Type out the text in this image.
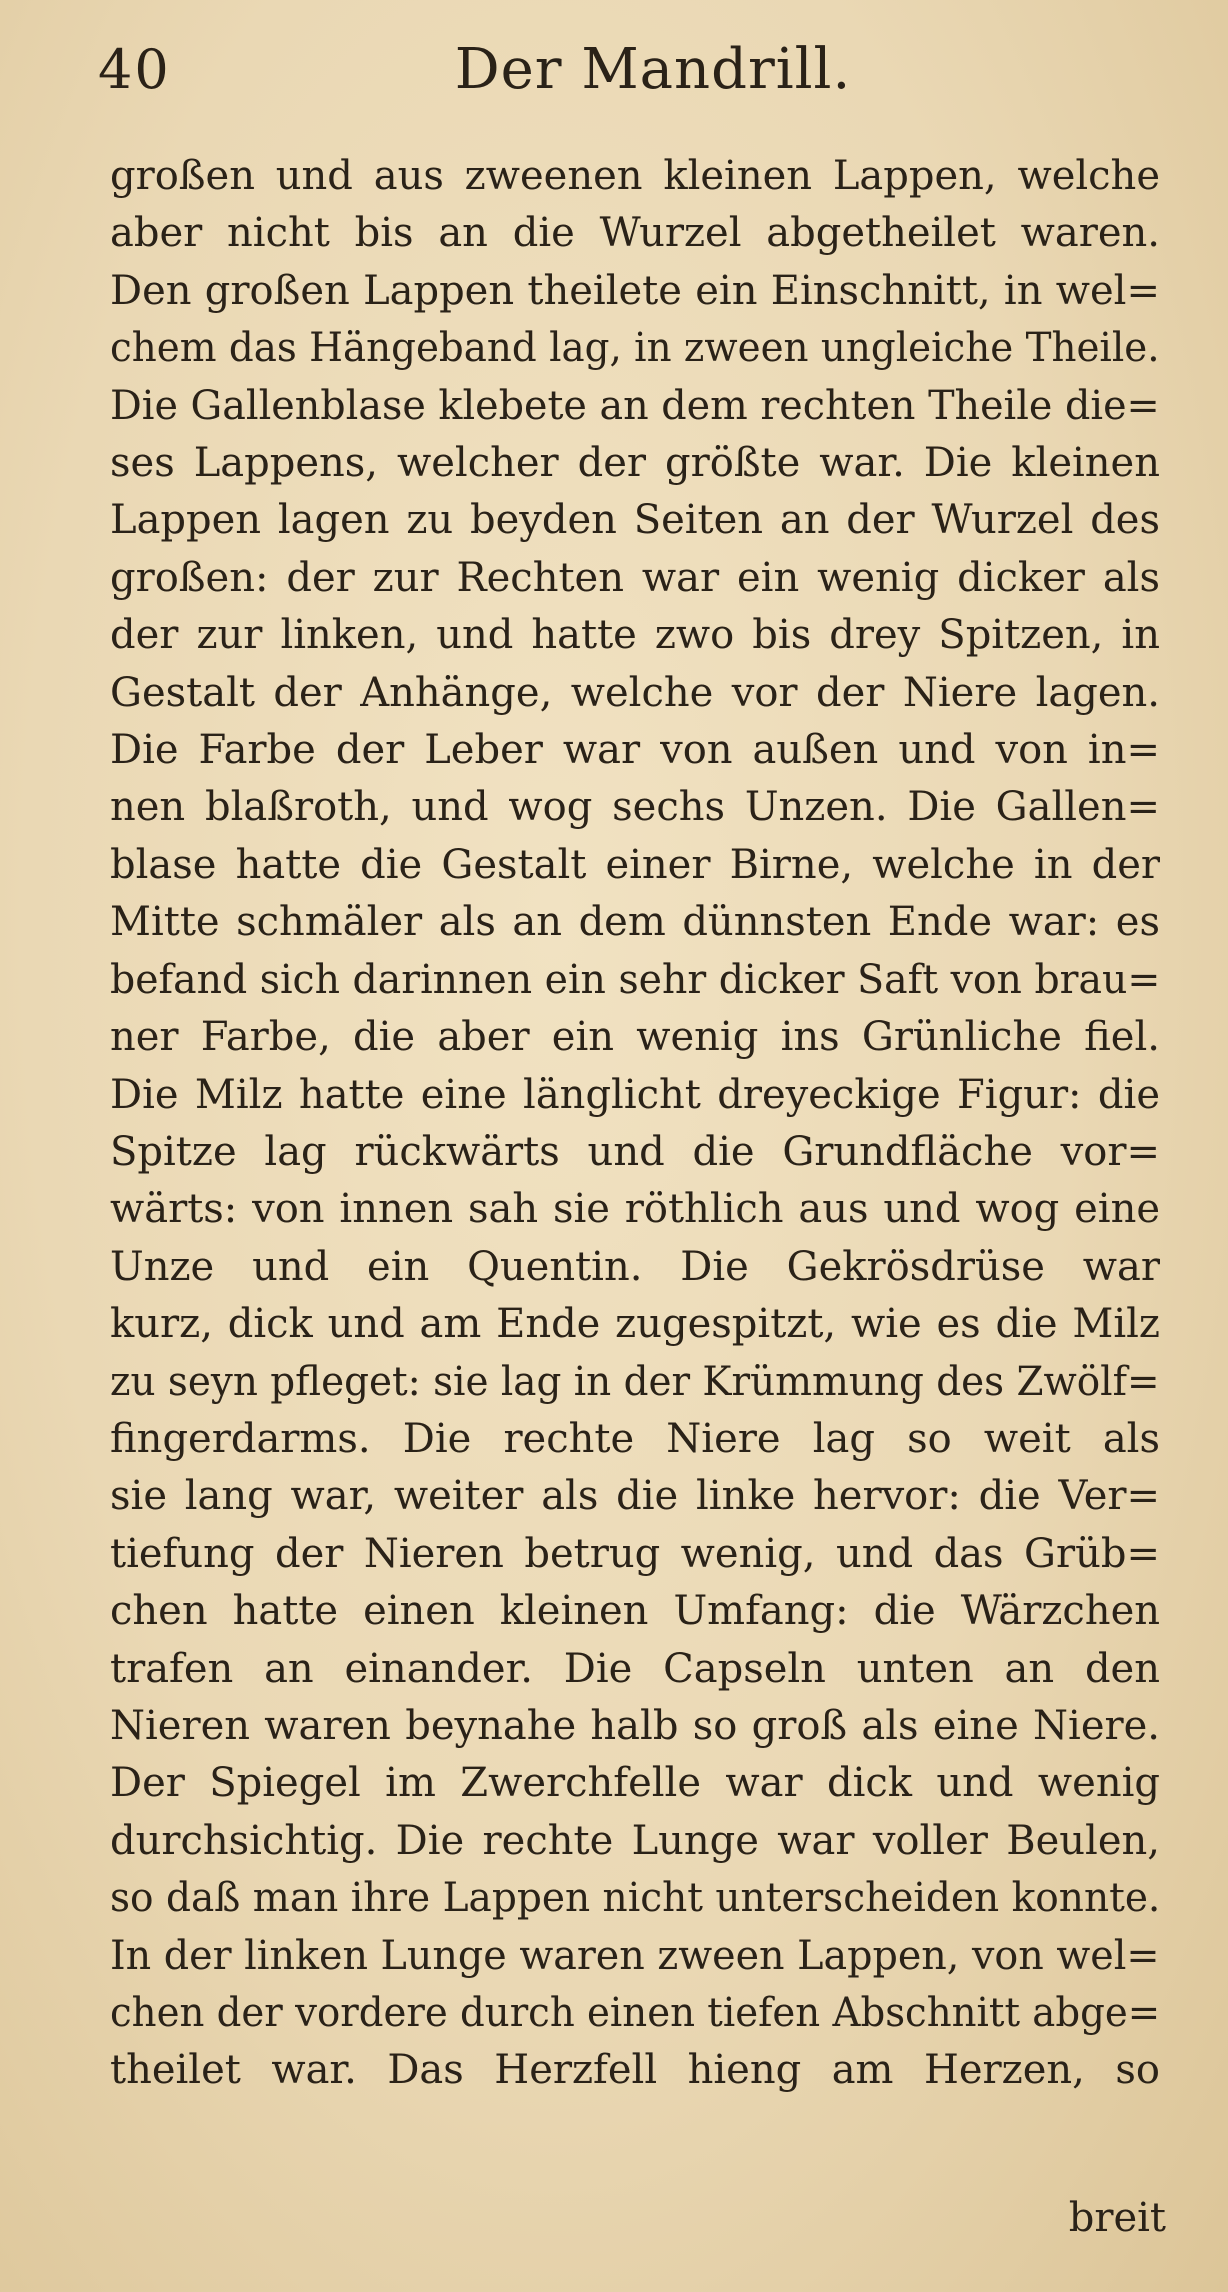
40	Der Mandrill.
großen und aus zweenen kleinen Lappen, welche
aber nicht bis an die Wurzel abgetheilet waren.
Den großen Lappen theilete ein Einschnitt, in wel=
chem das Hängeband lag, in zween ungleiche Theile.
Die Gallenblase klebete an dem rechten Theile die=
ses Lappens, welcher der größte war. Die kleinen
Lappen lagen zu beyden Seiten an der Wurzel des
großen: der zur Rechten war ein wenig dicker als
der zur linken, und hatte zwo bis drey Spitzen, in
Gestalt der Anhänge, welche vor der Niere lagen.
Die Farbe der Leber war von außen und von in=
nen blaßroth, und wog sechs Unzen. Die Gallen=
blase hatte die Gestalt einer Birne, welche in der
Mitte schmäler als an dem dünnsten Ende war: es
befand sich darinnen ein sehr dicker Saft von brau=
ner Farbe, die aber ein wenig ins Grünliche fiel.
Die Milz hatte eine länglicht dreyeckige Figur: die
Spitze lag rückwärts und die Grundfläche vor=
wärts: von innen sah sie röthlich aus und wog eine
Unze und ein Quentin. Die Gekrösdrüse war
kurz, dick und am Ende zugespitzt, wie es die Milz
zu seyn pfleget: sie lag in der Krümmung des Zwölf=
fingerdarms. Die rechte Niere lag so weit als
sie lang war, weiter als die linke hervor: die Ver=
tiefung der Nieren betrug wenig, und das Grüb=
chen hatte einen kleinen Umfang: die Wärzchen
trafen an einander. Die Capseln unten an den
Nieren waren beynahe halb so groß als eine Niere.
Der Spiegel im Zwerchfelle war dick und wenig
durchsichtig. Die rechte Lunge war voller Beulen,
so daß man ihre Lappen nicht unterscheiden konnte.
In der linken Lunge waren zween Lappen, von wel=
chen der vordere durch einen tiefen Abschnitt abge=
theilet war. Das Herzfell hieng am Herzen, so
breit
